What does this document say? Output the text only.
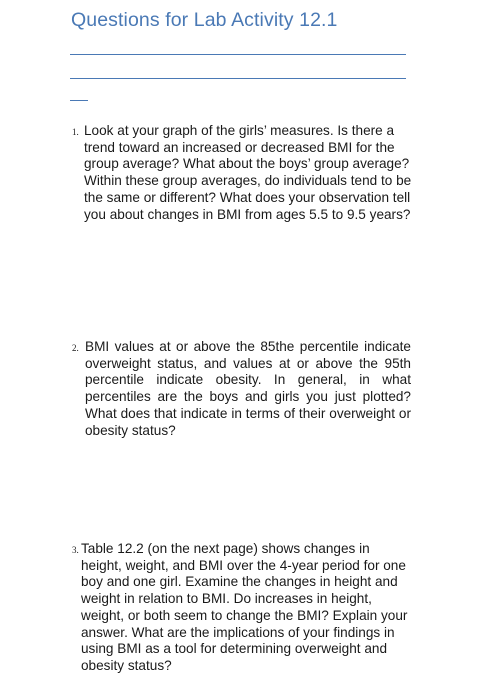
Questions for Lab Activity 12.1
1. Look at your graph of the girls’ measures. Is there a trend toward an increased or decreased BMI for the group average? What about the boys’ group average? Within these group averages, do individuals tend to be the same or different? What does your observation tell you about changes in BMI from ages 5.5 to 9.5 years?
2. BMI values at or above the 85the percentile indicate overweight status, and values at or above the 95th percentile indicate obesity. In general, in what percentiles are the boys and girls you just plotted? What does that indicate in terms of their overweight or obesity status?
3. Table 12.2 (on the next page) shows changes in height, weight, and BMI over the 4-year period for one boy and one girl. Examine the changes in height and weight in relation to BMI. Do increases in height, weight, or both seem to change the BMI? Explain your answer. What are the implications of your findings in using BMI as a tool for determining overweight and obesity status?
